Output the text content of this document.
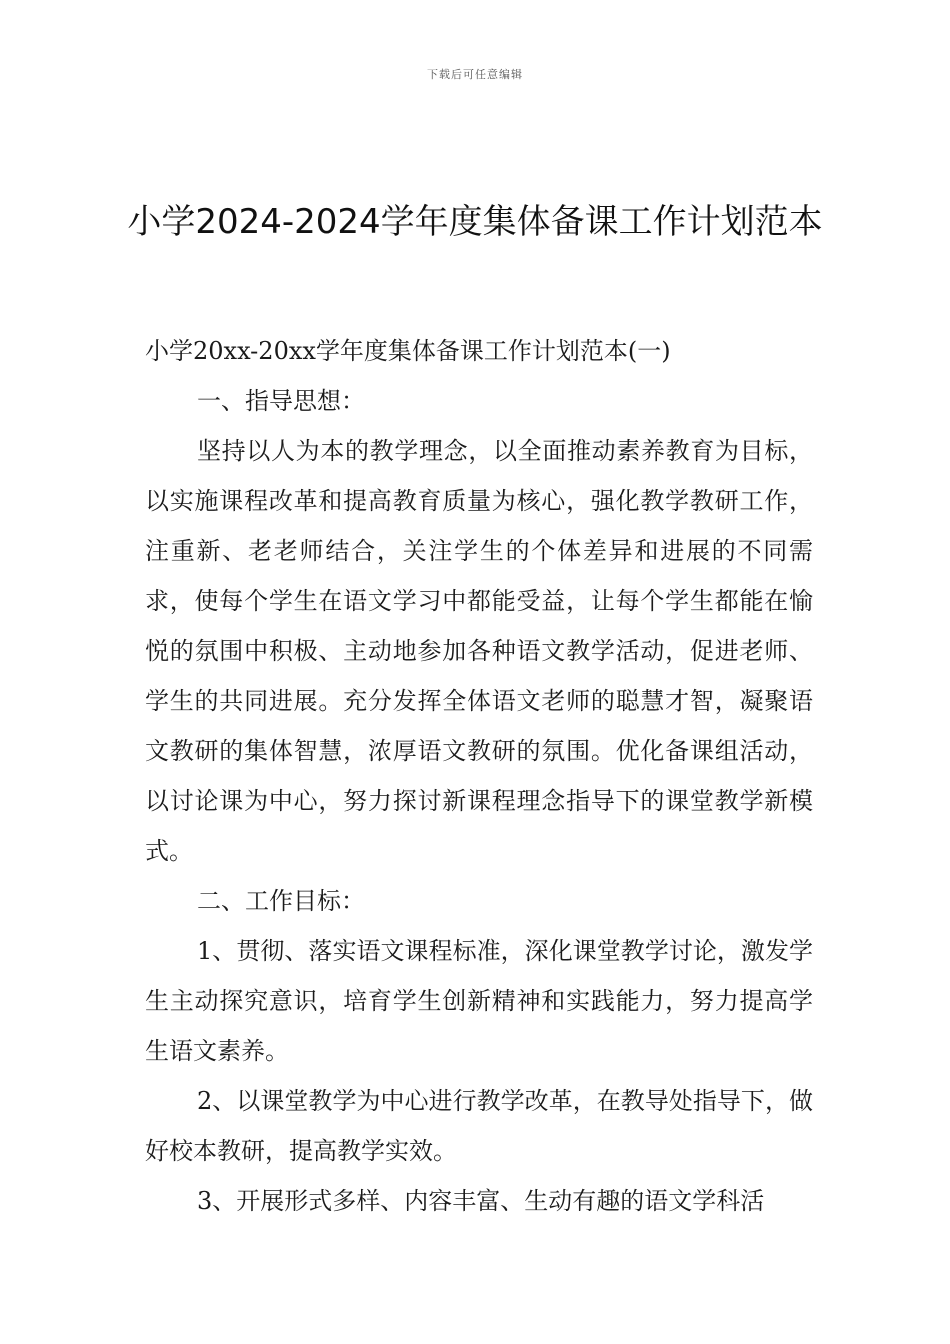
下载后可任意编辑
小学2024-2024学年度集体备课工作计划范本

小学20xx-20xx学年度集体备课工作计划范本(一)

一、指导思想：

坚持以人为本的教学理念，以全面推动素养教育为目标，以实施课程改革和提高教育质量为核心，强化教学教研工作，注重新、老老师结合，关注学生的个体差异和进展的不同需求，使每个学生在语文学习中都能受益，让每个学生都能在愉悦的氛围中积极、主动地参加各种语文教学活动，促进老师、学生的共同进展。充分发挥全体语文老师的聪慧才智，凝聚语文教研的集体智慧，浓厚语文教研的氛围。优化备课组活动，以讨论课为中心，努力探讨新课程理念指导下的课堂教学新模式。

二、工作目标：

1、贯彻、落实语文课程标准，深化课堂教学讨论，激发学生主动探究意识，培育学生创新精神和实践能力，努力提高学生语文素养。

2、以课堂教学为中心进行教学改革，在教导处指导下，做好校本教研，提高教学实效。

3、开展形式多样、内容丰富、生动有趣的语文学科活
